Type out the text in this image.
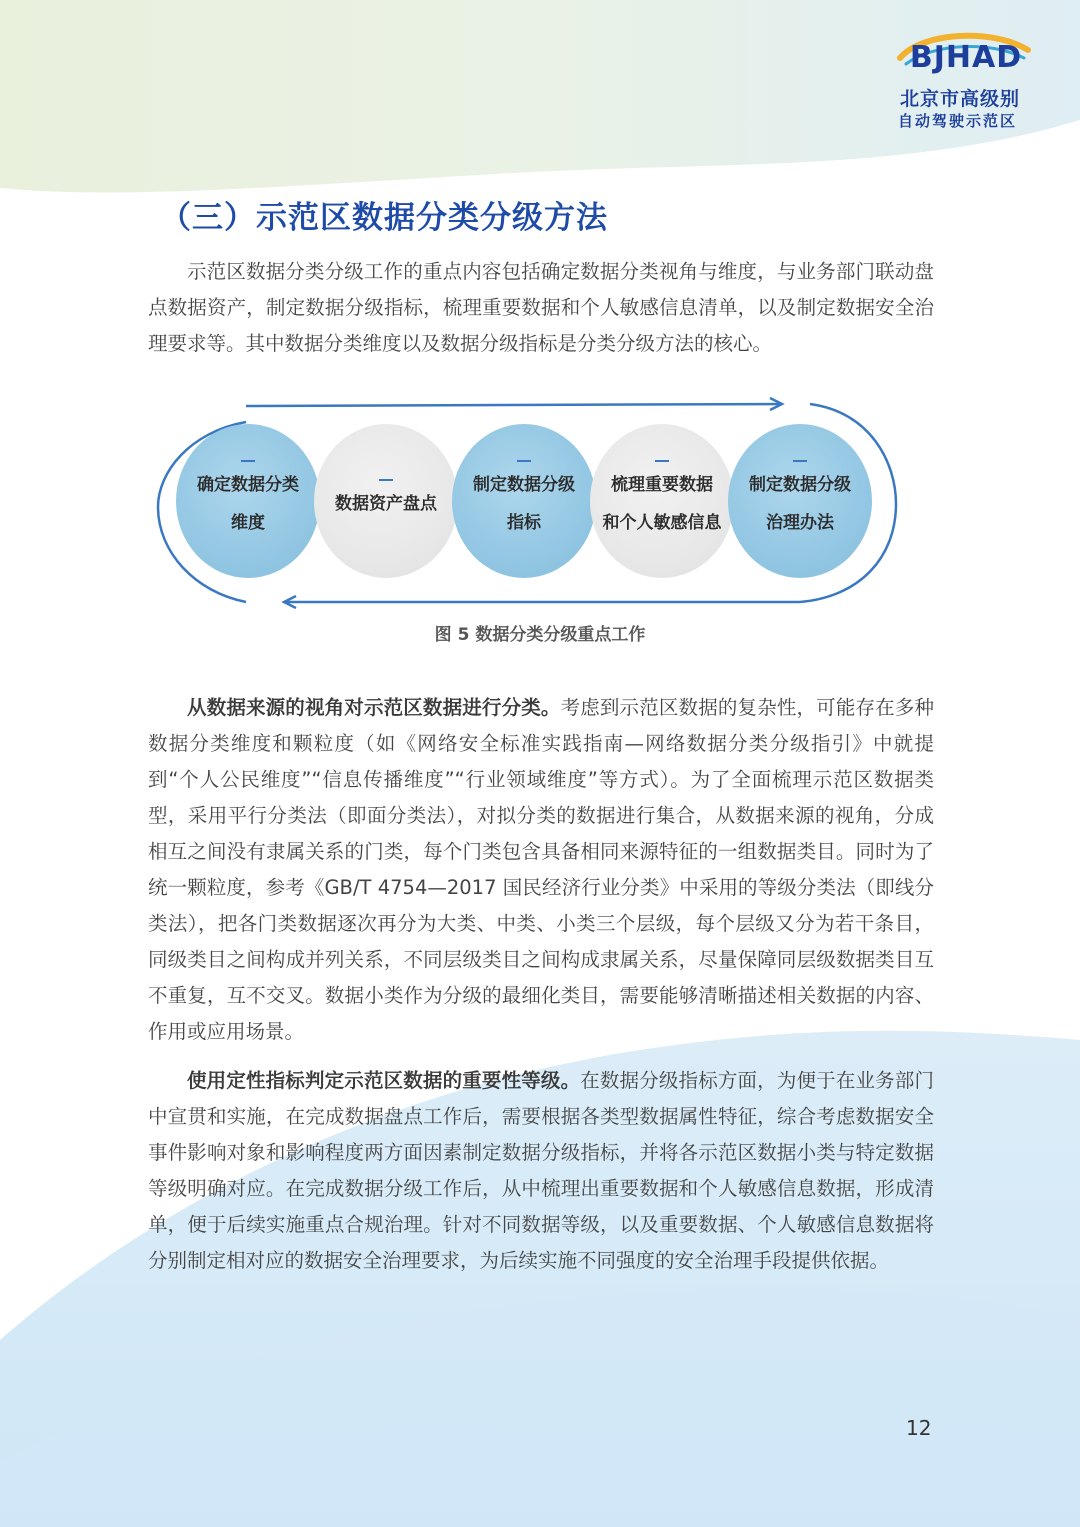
BJHAD
北京市高级别
自动驾驶示范区
（三）示范区数据分类分级方法

示范区数据分类分级工作的重点内容包括确定数据分类视角与维度，与业务部门联动盘点数据资产，制定数据分级指标，梳理重要数据和个人敏感信息清单，以及制定数据安全治理要求等。其中数据分类维度以及数据分级指标是分类分级方法的核心。

确定数据分类
维度
数据资产盘点
制定数据分级
指标
梳理重要数据
和个人敏感信息
制定数据分级
治理办法
图 5 数据分类分级重点工作

从数据来源的视角对示范区数据进行分类。考虑到示范区数据的复杂性，可能存在多种数据分类维度和颗粒度（如《网络安全标准实践指南—网络数据分类分级指引》中就提到“个人公民维度”“信息传播维度”“行业领域维度”等方式）。为了全面梳理示范区数据类型，采用平行分类法（即面分类法），对拟分类的数据进行集合，从数据来源的视角，分成相互之间没有隶属关系的门类，每个门类包含具备相同来源特征的一组数据类目。同时为了统一颗粒度，参考《GB/T 4754—2017 国民经济行业分类》中采用的等级分类法（即线分类法），把各门类数据逐次再分为大类、中类、小类三个层级，每个层级又分为若干条目，同级类目之间构成并列关系，不同层级类目之间构成隶属关系，尽量保障同层级数据类目互不重复，互不交叉。数据小类作为分级的最细化类目，需要能够清晰描述相关数据的内容、作用或应用场景。

使用定性指标判定示范区数据的重要性等级。在数据分级指标方面，为便于在业务部门中宣贯和实施，在完成数据盘点工作后，需要根据各类型数据属性特征，综合考虑数据安全事件影响对象和影响程度两方面因素制定数据分级指标，并将各示范区数据小类与特定数据等级明确对应。在完成数据分级工作后，从中梳理出重要数据和个人敏感信息数据，形成清单，便于后续实施重点合规治理。针对不同数据等级，以及重要数据、个人敏感信息数据将分别制定相对应的数据安全治理要求，为后续实施不同强度的安全治理手段提供依据。

12
